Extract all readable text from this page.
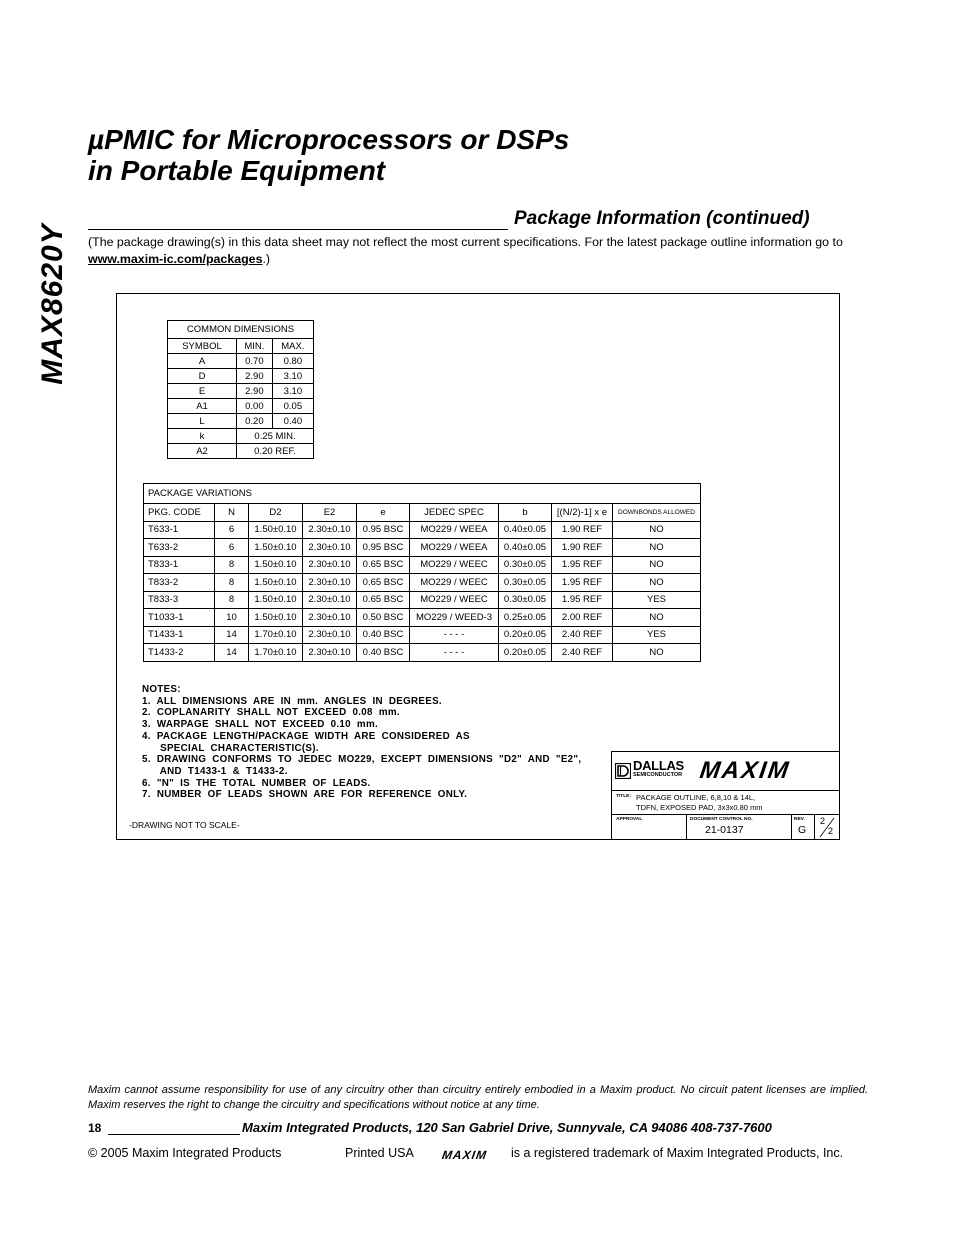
MAX8620Y
µPMIC for Microprocessors or DSPs
in Portable Equipment
Package Information (continued)
(The package drawing(s) in this data sheet may not reflect the most current specifications. For the latest package outline information go to www.maxim-ic.com/packages.)
COMMON DIMENSIONS		
SYMBOL	MIN.	MAX.
A	0.70	0.80
D	2.90	3.10
E	2.90	3.10
A1	0.00	0.05
L	0.20	0.40
k	0.25 MIN.	
A2	0.20 REF.	
PACKAGE VARIATIONS								
PKG. CODE	N	D2	E2	e	JEDEC SPEC	b	[(N/2)-1] x e	DOWNBONDS ALLOWED
T633-1	6	1.50±0.10	2.30±0.10	0.95 BSC	MO229 / WEEA	0.40±0.05	1.90 REF	NO
T633-2	6	1.50±0.10	2.30±0.10	0.95 BSC	MO229 / WEEA	0.40±0.05	1.90 REF	NO
T833-1	8	1.50±0.10	2.30±0.10	0.65 BSC	MO229 / WEEC	0.30±0.05	1.95 REF	NO
T833-2	8	1.50±0.10	2.30±0.10	0.65 BSC	MO229 / WEEC	0.30±0.05	1.95 REF	NO
T833-3	8	1.50±0.10	2.30±0.10	0.65 BSC	MO229 / WEEC	0.30±0.05	1.95 REF	YES
T1033-1	10	1.50±0.10	2.30±0.10	0.50 BSC	MO229 / WEED-3	0.25±0.05	2.00 REF	NO
T1433-1	14	1.70±0.10	2.30±0.10	0.40 BSC	- - - -	0.20±0.05	2.40 REF	YES
T1433-2	14	1.70±0.10	2.30±0.10	0.40 BSC	- - - -	0.20±0.05	2.40 REF	NO
NOTES:
1.  ALL  DIMENSIONS  ARE  IN  mm.  ANGLES  IN  DEGREES.
2.  COPLANARITY  SHALL  NOT  EXCEED  0.08  mm.
3.  WARPAGE  SHALL  NOT  EXCEED  0.10  mm.
4.  PACKAGE  LENGTH/PACKAGE  WIDTH  ARE  CONSIDERED  AS
SPECIAL  CHARACTERISTIC(S).
5.  DRAWING  CONFORMS  TO  JEDEC  MO229,  EXCEPT  DIMENSIONS  "D2"  AND  "E2",
AND  T1433-1  &  T1433-2.
6.  "N"  IS  THE  TOTAL  NUMBER  OF  LEADS.
7.  NUMBER  OF  LEADS  SHOWN  ARE  FOR  REFERENCE  ONLY.
-DRAWING NOT TO SCALE-
DALLAS
SEMICONDUCTOR MAXIM
TITLE: PACKAGE OUTLINE, 6,8,10 & 14L,
TDFN, EXPOSED PAD, 3x3x0.80 mm
APPROVAL	DOCUMENT CONTROL NO.
21-0137
REV.
G
2
2
Maxim cannot assume responsibility for use of any circuitry other than circuitry entirely embodied in a Maxim product. No circuit patent licenses are implied. Maxim reserves the right to change the circuitry and specifications without notice at any time.
18	Maxim Integrated Products, 120 San Gabriel Drive, Sunnyvale, CA 94086 408-737-7600
© 2005 Maxim Integrated Products	Printed USA MAXIM is a registered trademark of Maxim Integrated Products, Inc.
